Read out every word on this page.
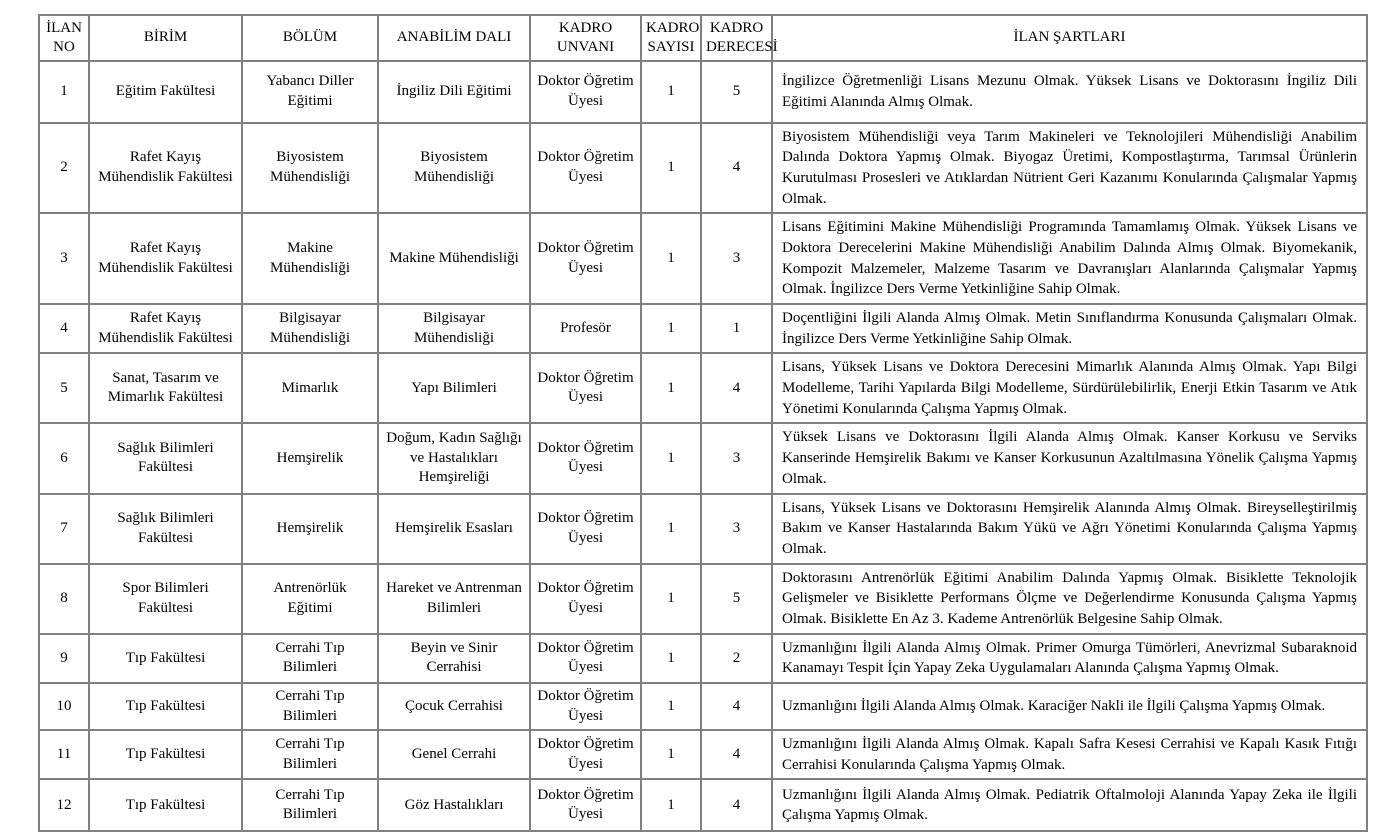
İLAN NO	BİRİM	BÖLÜM	ANABİLİM DALI	KADRO UNVANI	KADRO SAYISI	KADRO DERECESİ	İLAN ŞARTLARI
1	Eğitim Fakültesi	Yabancı Diller Eğitimi	İngiliz Dili Eğitimi	Doktor Öğretim Üyesi	1	5	İngilizce Öğretmenliği Lisans Mezunu Olmak. Yüksek Lisans ve Doktorasını İngiliz Dili Eğitimi Alanında Almış Olmak.
2	Rafet Kayış Mühendislik Fakültesi	Biyosistem Mühendisliği	Biyosistem Mühendisliği	Doktor Öğretim Üyesi	1	4	Biyosistem Mühendisliği veya Tarım Makineleri ve Teknolojileri Mühendisliği Anabilim Dalında Doktora Yapmış Olmak. Biyogaz Üretimi, Kompostlaştırma, Tarımsal Ürünlerin Kurutulması Prosesleri ve Atıklardan Nütrient Geri Kazanımı Konularında Çalışmalar Yapmış Olmak.
3	Rafet Kayış Mühendislik Fakültesi	Makine Mühendisliği	Makine Mühendisliği	Doktor Öğretim Üyesi	1	3	Lisans Eğitimini Makine Mühendisliği Programında Tamamlamış Olmak. Yüksek Lisans ve Doktora Derecelerini Makine Mühendisliği Anabilim Dalında Almış Olmak. Biyomekanik, Kompozit Malzemeler, Malzeme Tasarım ve Davranışları Alanlarında Çalışmalar Yapmış Olmak. İngilizce Ders Verme Yetkinliğine Sahip Olmak.
4	Rafet Kayış Mühendislik Fakültesi	Bilgisayar Mühendisliği	Bilgisayar Mühendisliği	Profesör	1	1	Doçentliğini İlgili Alanda Almış Olmak. Metin Sınıflandırma Konusunda Çalışmaları Olmak. İngilizce Ders Verme Yetkinliğine Sahip Olmak.
5	Sanat, Tasarım ve Mimarlık Fakültesi	Mimarlık	Yapı Bilimleri	Doktor Öğretim Üyesi	1	4	Lisans, Yüksek Lisans ve Doktora Derecesini Mimarlık Alanında Almış Olmak. Yapı Bilgi Modelleme, Tarihi Yapılarda Bilgi Modelleme, Sürdürülebilirlik, Enerji Etkin Tasarım ve Atık Yönetimi Konularında Çalışma Yapmış Olmak.
6	Sağlık Bilimleri Fakültesi	Hemşirelik	Doğum, Kadın Sağlığı ve Hastalıkları Hemşireliği	Doktor Öğretim Üyesi	1	3	Yüksek Lisans ve Doktorasını İlgili Alanda Almış Olmak. Kanser Korkusu ve Serviks Kanserinde Hemşirelik Bakımı ve Kanser Korkusunun Azaltılmasına Yönelik Çalışma Yapmış Olmak.
7	Sağlık Bilimleri Fakültesi	Hemşirelik	Hemşirelik Esasları	Doktor Öğretim Üyesi	1	3	Lisans, Yüksek Lisans ve Doktorasını Hemşirelik Alanında Almış Olmak. Bireyselleştirilmiş Bakım ve Kanser Hastalarında Bakım Yükü ve Ağrı Yönetimi Konularında Çalışma Yapmış Olmak.
8	Spor Bilimleri Fakültesi	Antrenörlük Eğitimi	Hareket ve Antrenman Bilimleri	Doktor Öğretim Üyesi	1	5	Doktorasını Antrenörlük Eğitimi Anabilim Dalında Yapmış Olmak. Bisiklette Teknolojik Gelişmeler ve Bisiklette Performans Ölçme ve Değerlendirme Konusunda Çalışma Yapmış Olmak. Bisiklette En Az 3. Kademe Antrenörlük Belgesine Sahip Olmak.
9	Tıp Fakültesi	Cerrahi Tıp Bilimleri	Beyin ve Sinir Cerrahisi	Doktor Öğretim Üyesi	1	2	Uzmanlığını İlgili Alanda Almış Olmak. Primer Omurga Tümörleri, Anevrizmal Subaraknoid Kanamayı Tespit İçin Yapay Zeka Uygulamaları Alanında Çalışma Yapmış Olmak.
10	Tıp Fakültesi	Cerrahi Tıp Bilimleri	Çocuk Cerrahisi	Doktor Öğretim Üyesi	1	4	Uzmanlığını İlgili Alanda Almış Olmak. Karaciğer Nakli ile İlgili Çalışma Yapmış Olmak.
11	Tıp Fakültesi	Cerrahi Tıp Bilimleri	Genel Cerrahi	Doktor Öğretim Üyesi	1	4	Uzmanlığını İlgili Alanda Almış Olmak. Kapalı Safra Kesesi Cerrahisi ve Kapalı Kasık Fıtığı Cerrahisi Konularında Çalışma Yapmış Olmak.
12	Tıp Fakültesi	Cerrahi Tıp Bilimleri	Göz Hastalıkları	Doktor Öğretim Üyesi	1	4	Uzmanlığını İlgili Alanda Almış Olmak. Pediatrik Oftalmoloji Alanında Yapay Zeka ile İlgili Çalışma Yapmış Olmak.
